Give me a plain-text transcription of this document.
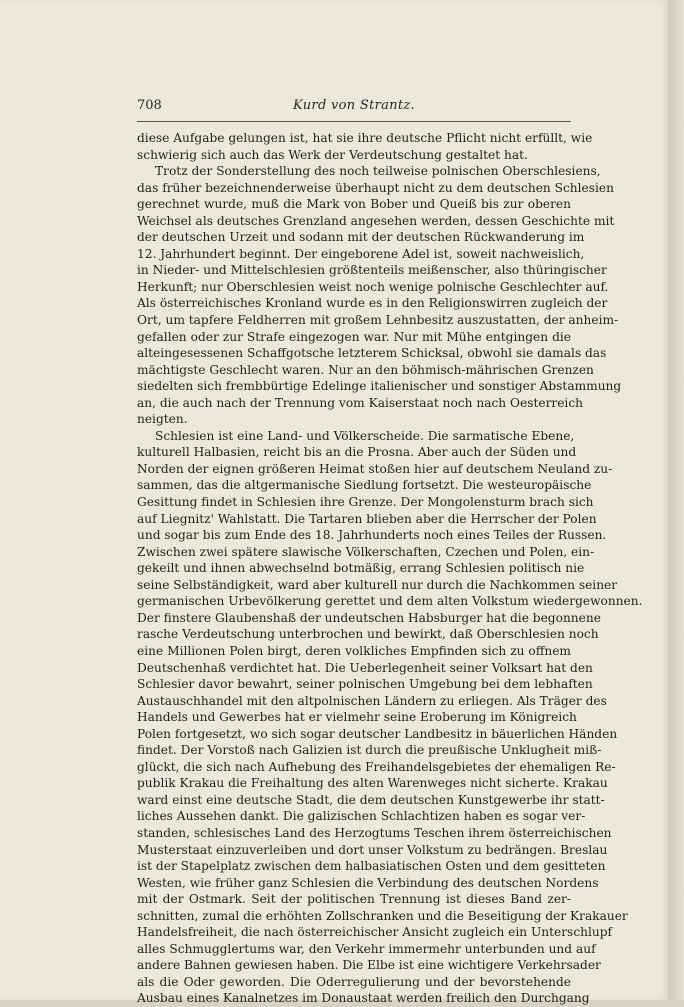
708	Kurd von Strantz.
diese Aufgabe gelungen ist, hat sie ihre deutsche Pflicht nicht erfüllt, wie
schwierig sich auch das Werk der Verdeutschung gestaltet hat.
Trotz der Sonderstellung des noch teilweise polnischen Oberschlesiens,
das früher bezeichnenderweise überhaupt nicht zu dem deutschen Schlesien
gerechnet wurde, muß die Mark von Bober und Queiß bis zur oberen
Weichsel als deutsches Grenzland angesehen werden, dessen Geschichte mit
der deutschen Urzeit und sodann mit der deutschen Rückwanderung im
12. Jahrhundert beginnt. Der eingeborene Adel ist, soweit nachweislich,
in Nieder- und Mittelschlesien größtenteils meißenscher, also thüringischer
Herkunft; nur Oberschlesien weist noch wenige polnische Geschlechter auf.
Als österreichisches Kronland wurde es in den Religionswirren zugleich der
Ort, um tapfere Feldherren mit großem Lehnbesitz auszustatten, der anheim-
gefallen oder zur Strafe eingezogen war. Nur mit Mühe entgingen die
alteingesessenen Schaffgotsche letzterem Schicksal, obwohl sie damals das
mächtigste Geschlecht waren. Nur an den böhmisch-mährischen Grenzen
siedelten sich frembbürtige Edelinge italienischer und sonstiger Abstammung
an, die auch nach der Trennung vom Kaiserstaat noch nach Oesterreich
neigten.
Schlesien ist eine Land- und Völkerscheide. Die sarmatische Ebene,
kulturell Halbasien, reicht bis an die Prosna. Aber auch der Süden und
Norden der eignen größeren Heimat stoßen hier auf deutschem Neuland zu-
sammen, das die altgermanische Siedlung fortsetzt. Die westeuropäische
Gesittung findet in Schlesien ihre Grenze. Der Mongolensturm brach sich
auf Liegnitz' Wahlstatt. Die Tartaren blieben aber die Herrscher der Polen
und sogar bis zum Ende des 18. Jahrhunderts noch eines Teiles der Russen.
Zwischen zwei spätere slawische Völkerschaften, Czechen und Polen, ein-
gekeilt und ihnen abwechselnd botmäßig, errang Schlesien politisch nie
seine Selbständigkeit, ward aber kulturell nur durch die Nachkommen seiner
germanischen Urbevölkerung gerettet und dem alten Volkstum wiedergewonnen.
Der finstere Glaubenshaß der undeutschen Habsburger hat die begonnene
rasche Verdeutschung unterbrochen und bewirkt, daß Oberschlesien noch
eine Millionen Polen birgt, deren volkliches Empfinden sich zu offnem
Deutschenhaß verdichtet hat. Die Ueberlegenheit seiner Volksart hat den
Schlesier davor bewahrt, seiner polnischen Umgebung bei dem lebhaften
Austauschhandel mit den altpolnischen Ländern zu erliegen. Als Träger des
Handels und Gewerbes hat er vielmehr seine Eroberung im Königreich
Polen fortgesetzt, wo sich sogar deutscher Landbesitz in bäuerlichen Händen
findet. Der Vorstoß nach Galizien ist durch die preußische Unklugheit miß-
glückt, die sich nach Aufhebung des Freihandelsgebietes der ehemaligen Re-
publik Krakau die Freihaltung des alten Warenweges nicht sicherte. Krakau
ward einst eine deutsche Stadt, die dem deutschen Kunstgewerbe ihr statt-
liches Aussehen dankt. Die galizischen Schlachtizen haben es sogar ver-
standen, schlesisches Land des Herzogtums Teschen ihrem österreichischen
Musterstaat einzuverleiben und dort unser Volkstum zu bedrängen. Breslau
ist der Stapelplatz zwischen dem halbasiatischen Osten und dem gesitteten
Westen, wie früher ganz Schlesien die Verbindung des deutschen Nordens
mit der Ostmark. Seit der politischen Trennung ist dieses Band zer-
schnitten, zumal die erhöhten Zollschranken und die Beseitigung der Krakauer
Handelsfreiheit, die nach österreichischer Ansicht zugleich ein Unterschlupf
alles Schmugglertums war, den Verkehr immermehr unterbunden und auf
andere Bahnen gewiesen haben. Die Elbe ist eine wichtigere Verkehrsader
als die Oder geworden. Die Oderregulierung und der bevorstehende
Ausbau eines Kanalnetzes im Donaustaat werden freilich den Durchgang
